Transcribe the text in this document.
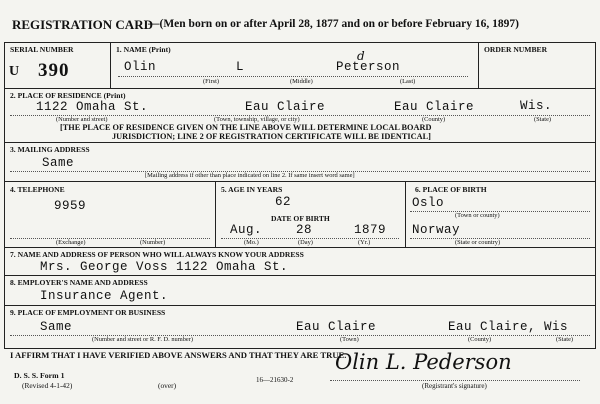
REGISTRATION CARD
—(Men born on or after April 28, 1877 and on or before February 16, 1897)
SERIAL NUMBER
U 390
1. NAME (Print)
Olin	L
d
Peterson
(First)	(Middle)	(Last)
ORDER NUMBER
2. PLACE OF RESIDENCE (Print)
1122 Omaha St.	Eau Claire	Eau Claire	Wis.
(Number and street)	(Town, township, village, or city)	(County)	(State)
[THE PLACE OF RESIDENCE GIVEN ON THE LINE ABOVE WILL DETERMINE LOCAL BOARD
JURISDICTION; LINE 2 OF REGISTRATION CERTIFICATE WILL BE IDENTICAL]
3. MAILING ADDRESS
Same
[Mailing address if other than place indicated on line 2. If same insert word same]
4. TELEPHONE
9959
(Exchange)	(Number)
5. AGE IN YEARS
62
DATE OF BIRTH
Aug.	28	1879
(Mo.)	(Day)	(Yr.)
6. PLACE OF BIRTH
Oslo
(Town or county)
Norway
(State or country)
7. NAME AND ADDRESS OF PERSON WHO WILL ALWAYS KNOW YOUR ADDRESS
Mrs. George Voss 1122 Omaha St.
8. EMPLOYER'S NAME AND ADDRESS
Insurance Agent.
9. PLACE OF EMPLOYMENT OR BUSINESS
Same	Eau Claire	Eau Claire, Wis
(Number and street or R. F. D. number)	(Town)	(County)	(State)
I AFFIRM THAT I HAVE VERIFIED ABOVE ANSWERS AND THAT THEY ARE TRUE.
Olin L. Pederson
(Registrant's signature)
D. S. S. Form 1
(Revised 4-1-42)	(over)
16—21630-2
